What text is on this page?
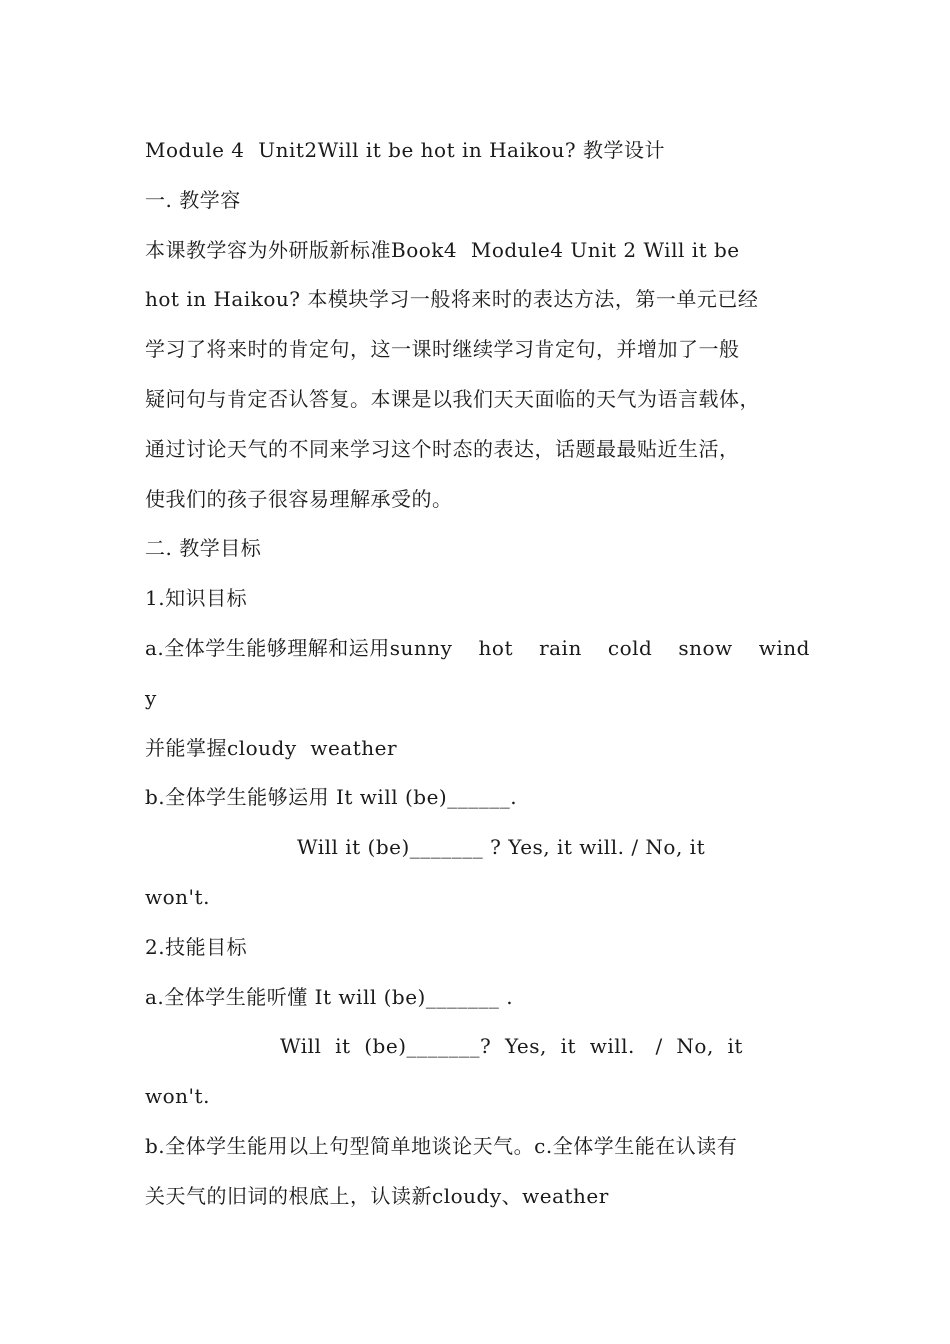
Module 4  Unit2Will it be hot in Haikou? 教学设计
一. 教学容
本课教学容为外研版新标准Book4  Module4 Unit 2 Will it be
hot in Haikou? 本模块学习一般将来时的表达方法，第一单元已经
学习了将来时的肯定句，这一课时继续学习肯定句，并增加了一般
疑问句与肯定否认答复。本课是以我们天天面临的天气为语言载体，
通过讨论天气的不同来学习这个时态的表达，话题最最贴近生活，
使我们的孩子很容易理解承受的。
二. 教学目标
1.知识目标
a.全体学生能够理解和运用sunny hot rain cold snow wind
y
并能掌握cloudy  weather
b.全体学生能够运用 It will (be)______.
Will it (be)_______ ? Yes, it will. / No, it
won't.
2.技能目标
a.全体学生能听懂 It will (be)_______ .
Will  it  (be)_______?  Yes,  it  will.   /  No,  it
won't.
b.全体学生能用以上句型简单地谈论天气。c.全体学生能在认读有
关天气的旧词的根底上，认读新cloudy、weather
